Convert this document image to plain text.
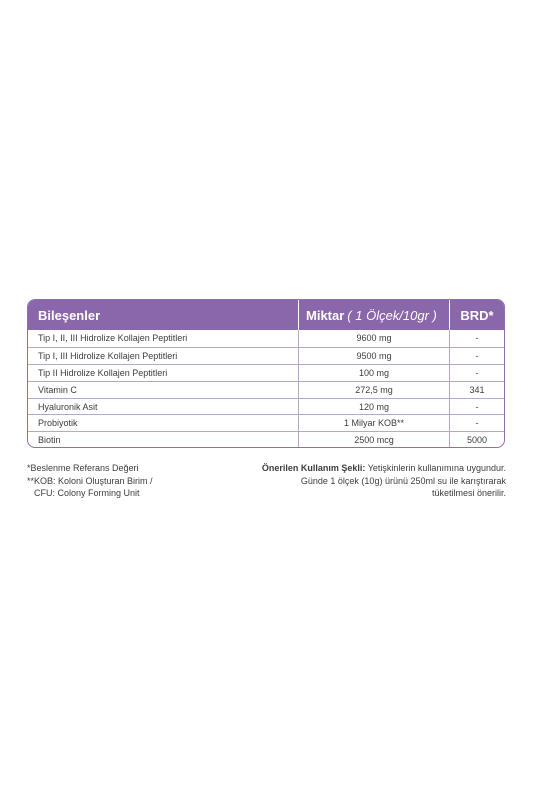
Bileşenler	Miktar ( 1 Ölçek/10gr )	BRD*
Tip I, II, III Hidrolize Kollajen Peptitleri	9600 mg	-
Tip I, III Hidrolize Kollajen Peptitleri	9500 mg	-
Tip II Hidrolize Kollajen Peptitleri	100 mg	-
Vitamin C	272,5 mg	341
Hyaluronik Asit	120 mg	-
Probiyotik	1 Milyar KOB**	-
Biotin	2500 mcg	5000
*Beslenme Referans Değeri
**KOB: Koloni Oluşturan Birim /
CFU: Colony Forming Unit
Önerilen Kullanım Şekli: Yetişkinlerin kullanımına uygundur.
Günde 1 ölçek (10g) ürünü 250ml su ile karıştırarak
tüketilmesi önerilir.
